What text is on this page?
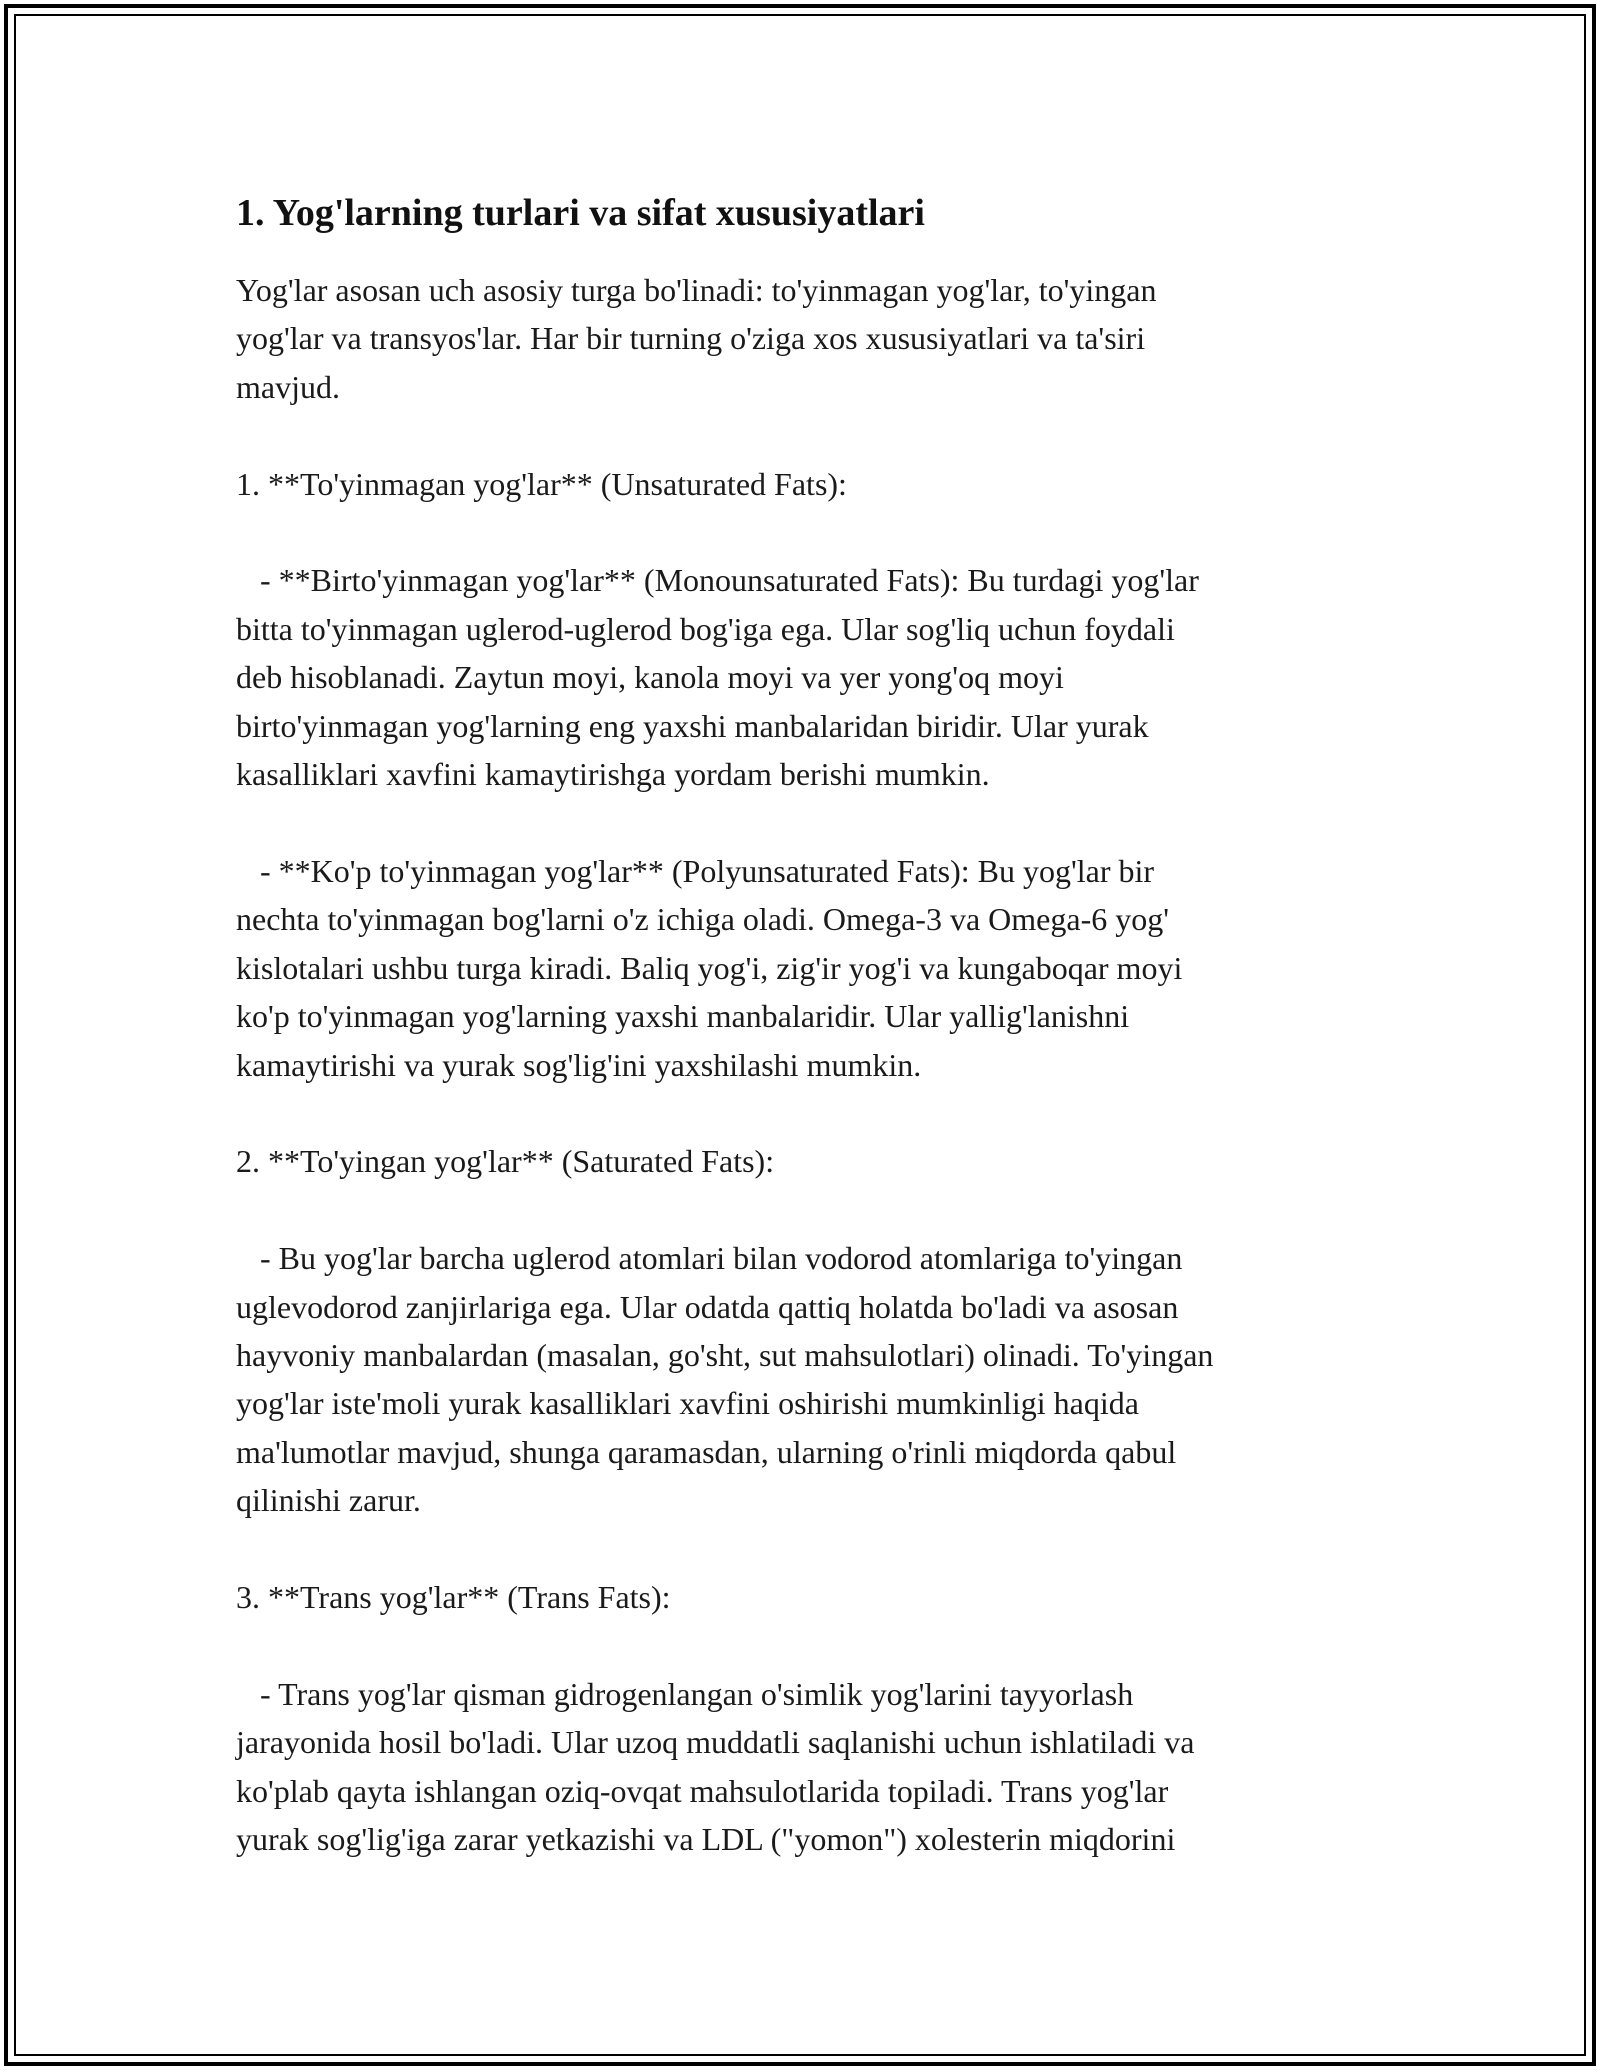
1. Yog'larning turlari va sifat xususiyatlari

Yog'lar asosan uch asosiy turga bo'linadi: to'yinmagan yog'lar, to'yingan
yog'lar va transyos'lar. Har bir turning o'ziga xos xususiyatlari va ta'siri
mavjud.

1. **To'yinmagan yog'lar** (Unsaturated Fats):

- **Birto'yinmagan yog'lar** (Monounsaturated Fats): Bu turdagi yog'lar
bitta to'yinmagan uglerod-uglerod bog'iga ega. Ular sog'liq uchun foydali
deb hisoblanadi. Zaytun moyi, kanola moyi va yer yong'oq moyi
birto'yinmagan yog'larning eng yaxshi manbalaridan biridir. Ular yurak
kasalliklari xavfini kamaytirishga yordam berishi mumkin.

- **Ko'p to'yinmagan yog'lar** (Polyunsaturated Fats): Bu yog'lar bir
nechta to'yinmagan bog'larni o'z ichiga oladi. Omega-3 va Omega-6 yog'
kislotalari ushbu turga kiradi. Baliq yog'i, zig'ir yog'i va kungaboqar moyi
ko'p to'yinmagan yog'larning yaxshi manbalaridir. Ular yallig'lanishni
kamaytirishi va yurak sog'lig'ini yaxshilashi mumkin.

2. **To'yingan yog'lar** (Saturated Fats):

- Bu yog'lar barcha uglerod atomlari bilan vodorod atomlariga to'yingan
uglevodorod zanjirlariga ega. Ular odatda qattiq holatda bo'ladi va asosan
hayvoniy manbalardan (masalan, go'sht, sut mahsulotlari) olinadi. To'yingan
yog'lar iste'moli yurak kasalliklari xavfini oshirishi mumkinligi haqida
ma'lumotlar mavjud, shunga qaramasdan, ularning o'rinli miqdorda qabul
qilinishi zarur.

3. **Trans yog'lar** (Trans Fats):

- Trans yog'lar qisman gidrogenlangan o'simlik yog'larini tayyorlash
jarayonida hosil bo'ladi. Ular uzoq muddatli saqlanishi uchun ishlatiladi va
ko'plab qayta ishlangan oziq-ovqat mahsulotlarida topiladi. Trans yog'lar
yurak sog'lig'iga zarar yetkazishi va LDL ("yomon") xolesterin miqdorini
